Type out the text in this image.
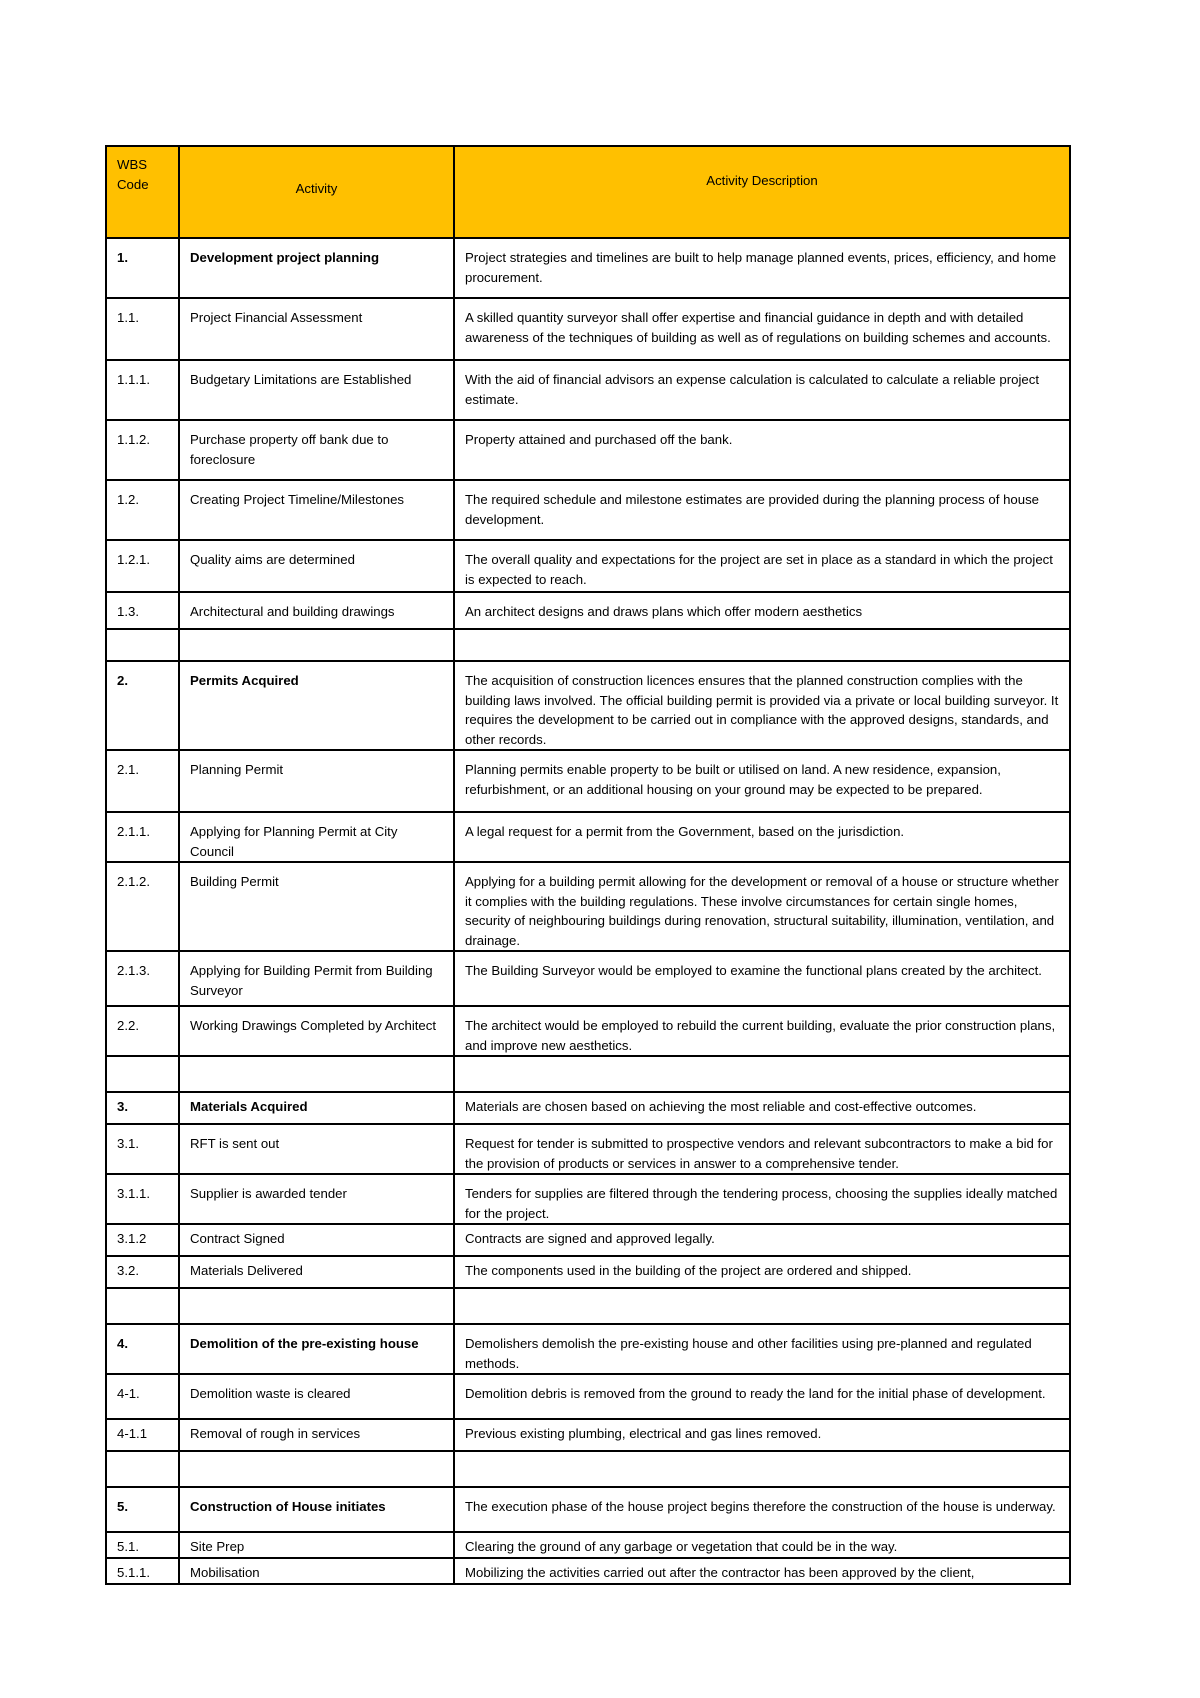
WBS Code	Activity	Activity Description
1.	Development project planning	Project strategies and timelines are built to help manage planned events, prices, efficiency, and home procurement.
1.1.	Project Financial Assessment	A skilled quantity surveyor shall offer expertise and financial guidance in depth and with detailed awareness of the techniques of building as well as of regulations on building schemes and accounts.
1.1.1.	Budgetary Limitations are Established	With the aid of financial advisors an expense calculation is calculated to calculate a reliable project estimate.
1.1.2.	Purchase property off bank due to foreclosure	Property attained and purchased off the bank.
1.2.	Creating Project Timeline/Milestones	The required schedule and milestone estimates are provided during the planning process of house development.
1.2.1.	Quality aims are determined	The overall quality and expectations for the project are set in place as a standard in which the project is expected to reach.
1.3.	Architectural and building drawings	An architect designs and draws plans which offer modern aesthetics

2.	Permits Acquired	The acquisition of construction licences ensures that the planned construction complies with the building laws involved. The official building permit is provided via a private or local building surveyor. It requires the development to be carried out in compliance with the approved designs, standards, and other records.
2.1.	Planning Permit	Planning permits enable property to be built or utilised on land. A new residence, expansion, refurbishment, or an additional housing on your ground may be expected to be prepared.
2.1.1.	Applying for Planning Permit at City Council	A legal request for a permit from the Government, based on the jurisdiction.
2.1.2.	Building Permit	Applying for a building permit allowing for the development or removal of a house or structure whether it complies with the building regulations. These involve circumstances for certain single homes, security of neighbouring buildings during renovation, structural suitability, illumination, ventilation, and drainage.
2.1.3.	Applying for Building Permit from Building Surveyor	The Building Surveyor would be employed to examine the functional plans created by the architect.
2.2.	Working Drawings Completed by Architect	The architect would be employed to rebuild the current building, evaluate the prior construction plans, and improve new aesthetics.

3.	Materials Acquired	Materials are chosen based on achieving the most reliable and cost-effective outcomes.
3.1.	RFT is sent out	Request for tender is submitted to prospective vendors and relevant subcontractors to make a bid for the provision of products or services in answer to a comprehensive tender.
3.1.1.	Supplier is awarded tender	Tenders for supplies are filtered through the tendering process, choosing the supplies ideally matched for the project.
3.1.2	Contract Signed	Contracts are signed and approved legally.
3.2.	Materials Delivered	The components used in the building of the project are ordered and shipped.

4.	Demolition of the pre-existing house	Demolishers demolish the pre-existing house and other facilities using pre-planned and regulated methods.
4-1.	Demolition waste is cleared	Demolition debris is removed from the ground to ready the land for the initial phase of development.
4-1.1	Removal of rough in services	Previous existing plumbing, electrical and gas lines removed.

5.	Construction of House initiates	The execution phase of the house project begins therefore the construction of the house is underway.
5.1.	Site Prep	Clearing the ground of any garbage or vegetation that could be in the way.
5.1.1.	Mobilisation	Mobilizing the activities carried out after the contractor has been approved by the client,
